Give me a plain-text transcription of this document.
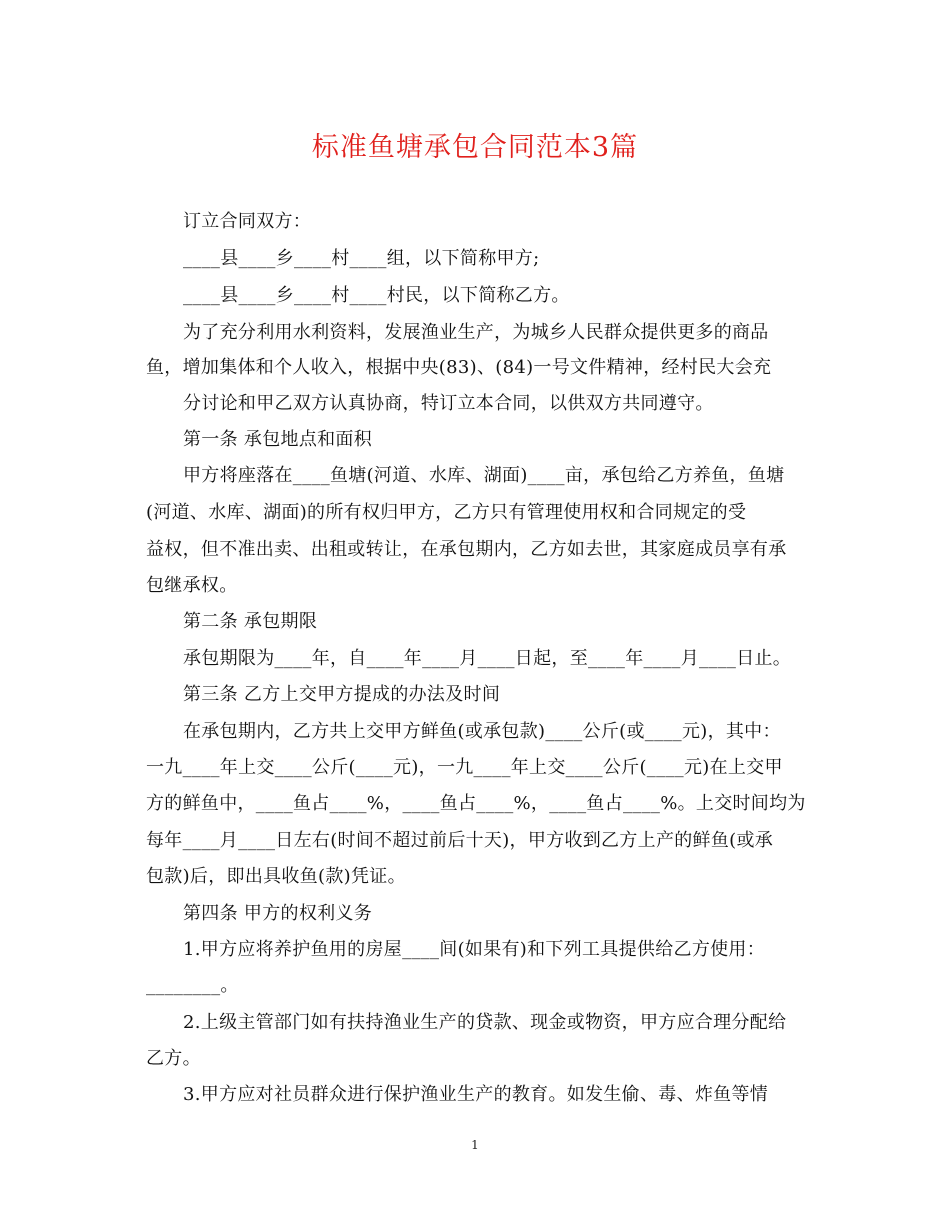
标准鱼塘承包合同范本3篇
订立合同双方：
____县____乡____村____组，以下简称甲方;
____县____乡____村____村民，以下简称乙方。
为了充分利用水利资料，发展渔业生产，为城乡人民群众提供更多的商品
鱼，增加集体和个人收入，根据中央(83)、(84)一号文件精神，经村民大会充
分讨论和甲乙双方认真协商，特订立本合同，以供双方共同遵守。
第一条 承包地点和面积
甲方将座落在____鱼塘(河道、水库、湖面)____亩，承包给乙方养鱼，鱼塘
(河道、水库、湖面)的所有权归甲方，乙方只有管理使用权和合同规定的受
益权，但不准出卖、出租或转让，在承包期内，乙方如去世，其家庭成员享有承
包继承权。
第二条 承包期限
承包期限为____年，自____年____月____日起，至____年____月____日止。
第三条 乙方上交甲方提成的办法及时间
在承包期内，乙方共上交甲方鲜鱼(或承包款)____公斤(或____元)，其中：
一九____年上交____公斤(____元)，一九____年上交____公斤(____元)在上交甲
方的鲜鱼中，____鱼占____%，____鱼占____%，____鱼占____%。上交时间均为
每年____月____日左右(时间不超过前后十天)，甲方收到乙方上产的鲜鱼(或承
包款)后，即出具收鱼(款)凭证。
第四条 甲方的权利义务
1.甲方应将养护鱼用的房屋____间(如果有)和下列工具提供给乙方使用：
________。
2.上级主管部门如有扶持渔业生产的贷款、现金或物资，甲方应合理分配给
乙方。
3.甲方应对社员群众进行保护渔业生产的教育。如发生偷、毒、炸鱼等情
1
